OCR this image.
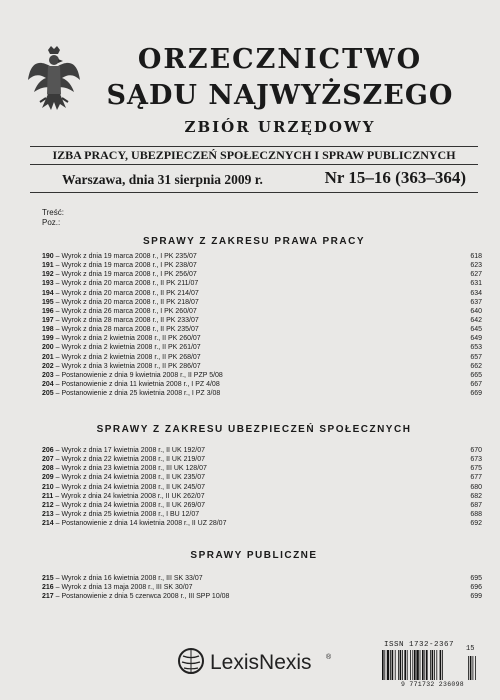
ORZECZNICTWO
SĄDU NAJWYŻSZEGO
ZBIÓR URZĘDOWY
IZBA PRACY, UBEZPIECZEŃ SPOŁECZNYCH I SPRAW PUBLICZNYCH
Warszawa, dnia 31 sierpnia 2009 r.	Nr 15–16 (363–364)
Treść:
Poz.:
SPRAWY Z ZAKRESU PRAWA PRACY
190 – Wyrok z dnia 19 marca 2008 r., I PK 235/07	618
191 – Wyrok z dnia 19 marca 2008 r., I PK 238/07	623
192 – Wyrok z dnia 19 marca 2008 r., I PK 256/07	627
193 – Wyrok z dnia 20 marca 2008 r., II PK 211/07	631
194 – Wyrok z dnia 20 marca 2008 r., II PK 214/07	634
195 – Wyrok z dnia 20 marca 2008 r., II PK 218/07	637
196 – Wyrok z dnia 26 marca 2008 r., I PK 260/07	640
197 – Wyrok z dnia 28 marca 2008 r., II PK 233/07	642
198 – Wyrok z dnia 28 marca 2008 r., II PK 235/07	645
199 – Wyrok z dnia 2 kwietnia 2008 r., II PK 260/07	649
200 – Wyrok z dnia 2 kwietnia 2008 r., II PK 261/07	653
201 – Wyrok z dnia 2 kwietnia 2008 r., II PK 268/07	657
202 – Wyrok z dnia 3 kwietnia 2008 r., II PK 286/07	662
203 – Postanowienie z dnia 9 kwietnia 2008 r., II PZP 5/08	665
204 – Postanowienie z dnia 11 kwietnia 2008 r., I PZ 4/08	667
205 – Postanowienie z dnia 25 kwietnia 2008 r., I PZ 3/08	669
SPRAWY Z ZAKRESU UBEZPIECZEŃ SPOŁECZNYCH
206 – Wyrok z dnia 17 kwietnia 2008 r., II UK 192/07	670
207 – Wyrok z dnia 22 kwietnia 2008 r., II UK 219/07	673
208 – Wyrok z dnia 23 kwietnia 2008 r., III UK 128/07	675
209 – Wyrok z dnia 24 kwietnia 2008 r., II UK 235/07	677
210 – Wyrok z dnia 24 kwietnia 2008 r., II UK 245/07	680
211 – Wyrok z dnia 24 kwietnia 2008 r., II UK 262/07	682
212 – Wyrok z dnia 24 kwietnia 2008 r., II UK 269/07	687
213 – Wyrok z dnia 25 kwietnia 2008 r., I BU 12/07	688
214 – Postanowienie z dnia 14 kwietnia 2008 r., II UZ 28/07	692
SPRAWY PUBLICZNE
215 – Wyrok z dnia 16 kwietnia 2008 r., III SK 33/07	695
216 – Wyrok z dnia 13 maja 2008 r., III SK 30/07	696
217 – Postanowienie z dnia 5 czerwca 2008 r., III SPP 10/08	699
LexisNexis ®
ISSN 1732-2367 15
9 771732 236098
